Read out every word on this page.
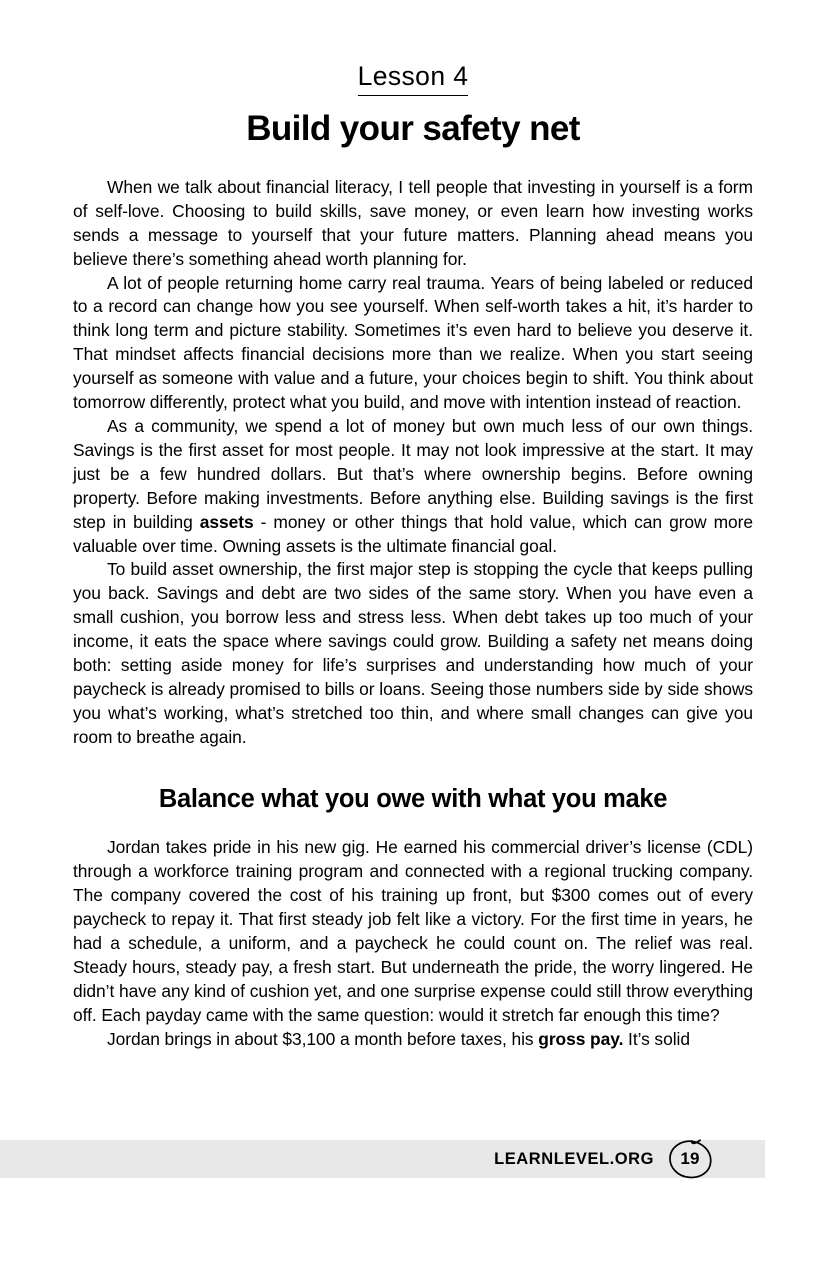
Lesson 4
Build your safety net

When we talk about financial literacy, I tell people that investing in yourself is a form of self-love. Choosing to build skills, save money, or even learn how investing works sends a message to yourself that your future matters. Planning ahead means you believe there’s something ahead worth planning for.

A lot of people returning home carry real trauma. Years of being labeled or reduced to a record can change how you see yourself. When self-worth takes a hit, it’s harder to think long term and picture stability. Sometimes it’s even hard to believe you deserve it. That mindset affects financial decisions more than we realize. When you start seeing yourself as someone with value and a future, your choices begin to shift. You think about tomorrow differently, protect what you build, and move with intention instead of reaction.

As a community, we spend a lot of money but own much less of our own things. Savings is the first asset for most people. It may not look impressive at the start. It may just be a few hundred dollars. But that’s where ownership begins. Before owning property. Before making investments. Before anything else. Building savings is the first step in building assets - money or other things that hold value, which can grow more valuable over time. Owning assets is the ultimate financial goal.

To build asset ownership, the first major step is stopping the cycle that keeps pulling you back. Savings and debt are two sides of the same story. When you have even a small cushion, you borrow less and stress less. When debt takes up too much of your income, it eats the space where savings could grow. Building a safety net means doing both: setting aside money for life’s surprises and understanding how much of your paycheck is already promised to bills or loans. Seeing those numbers side by side shows you what’s working, what’s stretched too thin, and where small changes can give you room to breathe again.

Balance what you owe with what you make

Jordan takes pride in his new gig. He earned his commercial driver’s license (CDL) through a workforce training program and connected with a regional trucking company. The company covered the cost of his training up front, but $300 comes out of every paycheck to repay it. That first steady job felt like a victory. For the first time in years, he had a schedule, a uniform, and a paycheck he could count on. The relief was real. Steady hours, steady pay, a fresh start. But underneath the pride, the worry lingered. He didn’t have any kind of cushion yet, and one surprise expense could still throw everything off. Each payday came with the same question: would it stretch far enough this time?

Jordan brings in about $3,100 a month before taxes, his gross pay. It’s solid

LEARNLEVEL.ORG 19
